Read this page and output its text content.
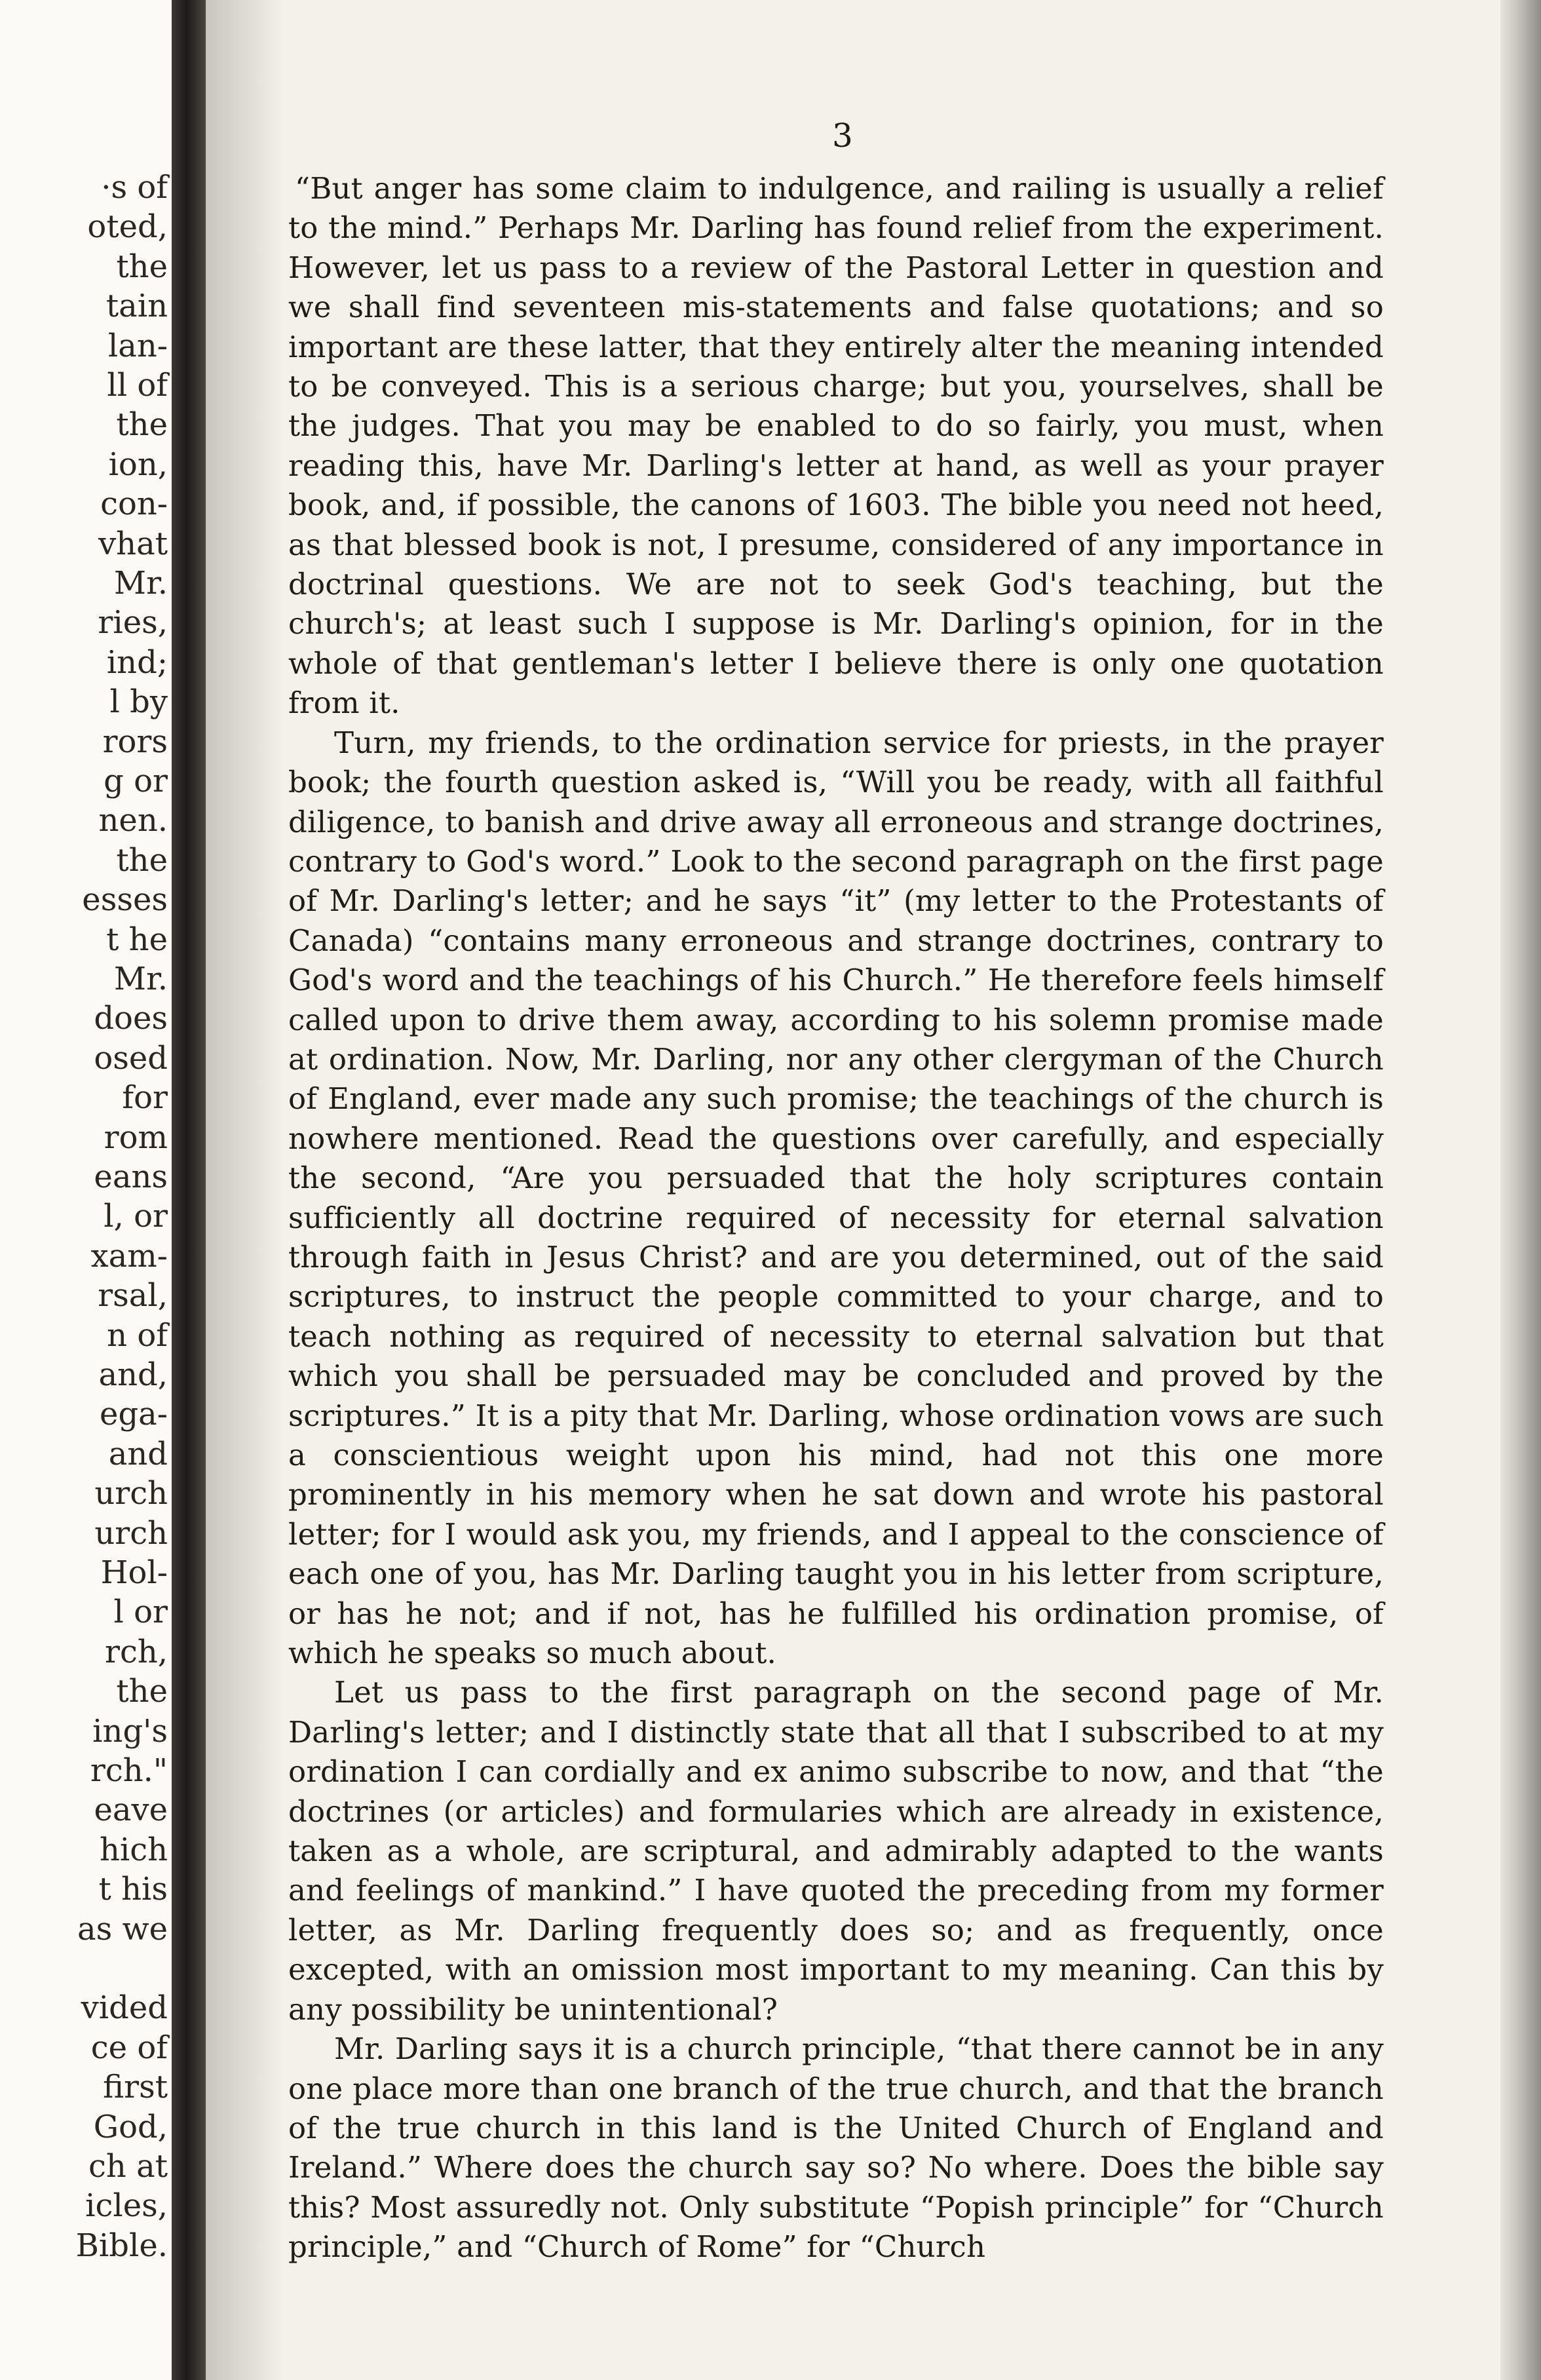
·s of
oted,
the
tain
lan-
ll of
the
ion,
con-
vhat
Mr.
ries,
ind;
l by
rors
g or
nen.
the
esses
t he
Mr.
does
osed
for
rom
eans
l, or
xam-
rsal,
n of
and,
ega-
and
urch
urch
Hol-
l or
rch,
the
ing's
rch."
eave
hich
t his
as we
vided
ce of
first
God,
ch at
icles,
Bible.
3

“But anger has some claim to indulgence, and railing is usually a relief to the mind.” Perhaps Mr. Darling has found relief from the experiment. However, let us pass to a review of the Pastoral Letter in question and we shall find seventeen mis-statements and false quotations; and so important are these latter, that they entirely alter the meaning intended to be conveyed. This is a serious charge; but you, yourselves, shall be the judges. That you may be enabled to do so fairly, you must, when reading this, have Mr. Darling's letter at hand, as well as your prayer book, and, if possible, the canons of 1603. The bible you need not heed, as that blessed book is not, I presume, considered of any importance in doctrinal questions. We are not to seek God's teaching, but the church's; at least such I suppose is Mr. Darling's opinion, for in the whole of that gentleman's letter I believe there is only one quotation from it.

Turn, my friends, to the ordination service for priests, in the prayer book; the fourth question asked is, “Will you be ready, with all faithful diligence, to banish and drive away all erroneous and strange doctrines, contrary to God's word.” Look to the second paragraph on the first page of Mr. Darling's letter; and he says “it” (my letter to the Protestants of Canada) “contains many erroneous and strange doctrines, contrary to God's word and the teachings of his Church.” He therefore feels himself called upon to drive them away, according to his solemn promise made at ordination. Now, Mr. Darling, nor any other clergyman of the Church of England, ever made any such promise; the teachings of the church is nowhere mentioned. Read the questions over carefully, and especially the second, “Are you persuaded that the holy scriptures contain sufficiently all doctrine required of necessity for eternal salvation through faith in Jesus Christ? and are you determined, out of the said scriptures, to instruct the people committed to your charge, and to teach nothing as required of necessity to eternal salvation but that which you shall be persuaded may be concluded and proved by the scriptures.” It is a pity that Mr. Darling, whose ordination vows are such a conscientious weight upon his mind, had not this one more prominently in his memory when he sat down and wrote his pastoral letter; for I would ask you, my friends, and I appeal to the conscience of each one of you, has Mr. Darling taught you in his letter from scripture, or has he not; and if not, has he fulfilled his ordination promise, of which he speaks so much about.

Let us pass to the first paragraph on the second page of Mr. Darling's letter; and I distinctly state that all that I subscribed to at my ordination I can cordially and ex animo subscribe to now, and that “the doctrines (or articles) and formularies which are already in existence, taken as a whole, are scriptural, and admirably adapted to the wants and feelings of mankind.” I have quoted the preceding from my former letter, as Mr. Darling frequently does so; and as frequently, once excepted, with an omission most important to my meaning. Can this by any possibility be unintentional?

Mr. Darling says it is a church principle, “that there cannot be in any one place more than one branch of the true church, and that the branch of the true church in this land is the United Church of England and Ireland.” Where does the church say so? No where. Does the bible say this? Most assuredly not. Only substitute “Popish principle” for “Church principle,” and “Church of Rome” for “Church
